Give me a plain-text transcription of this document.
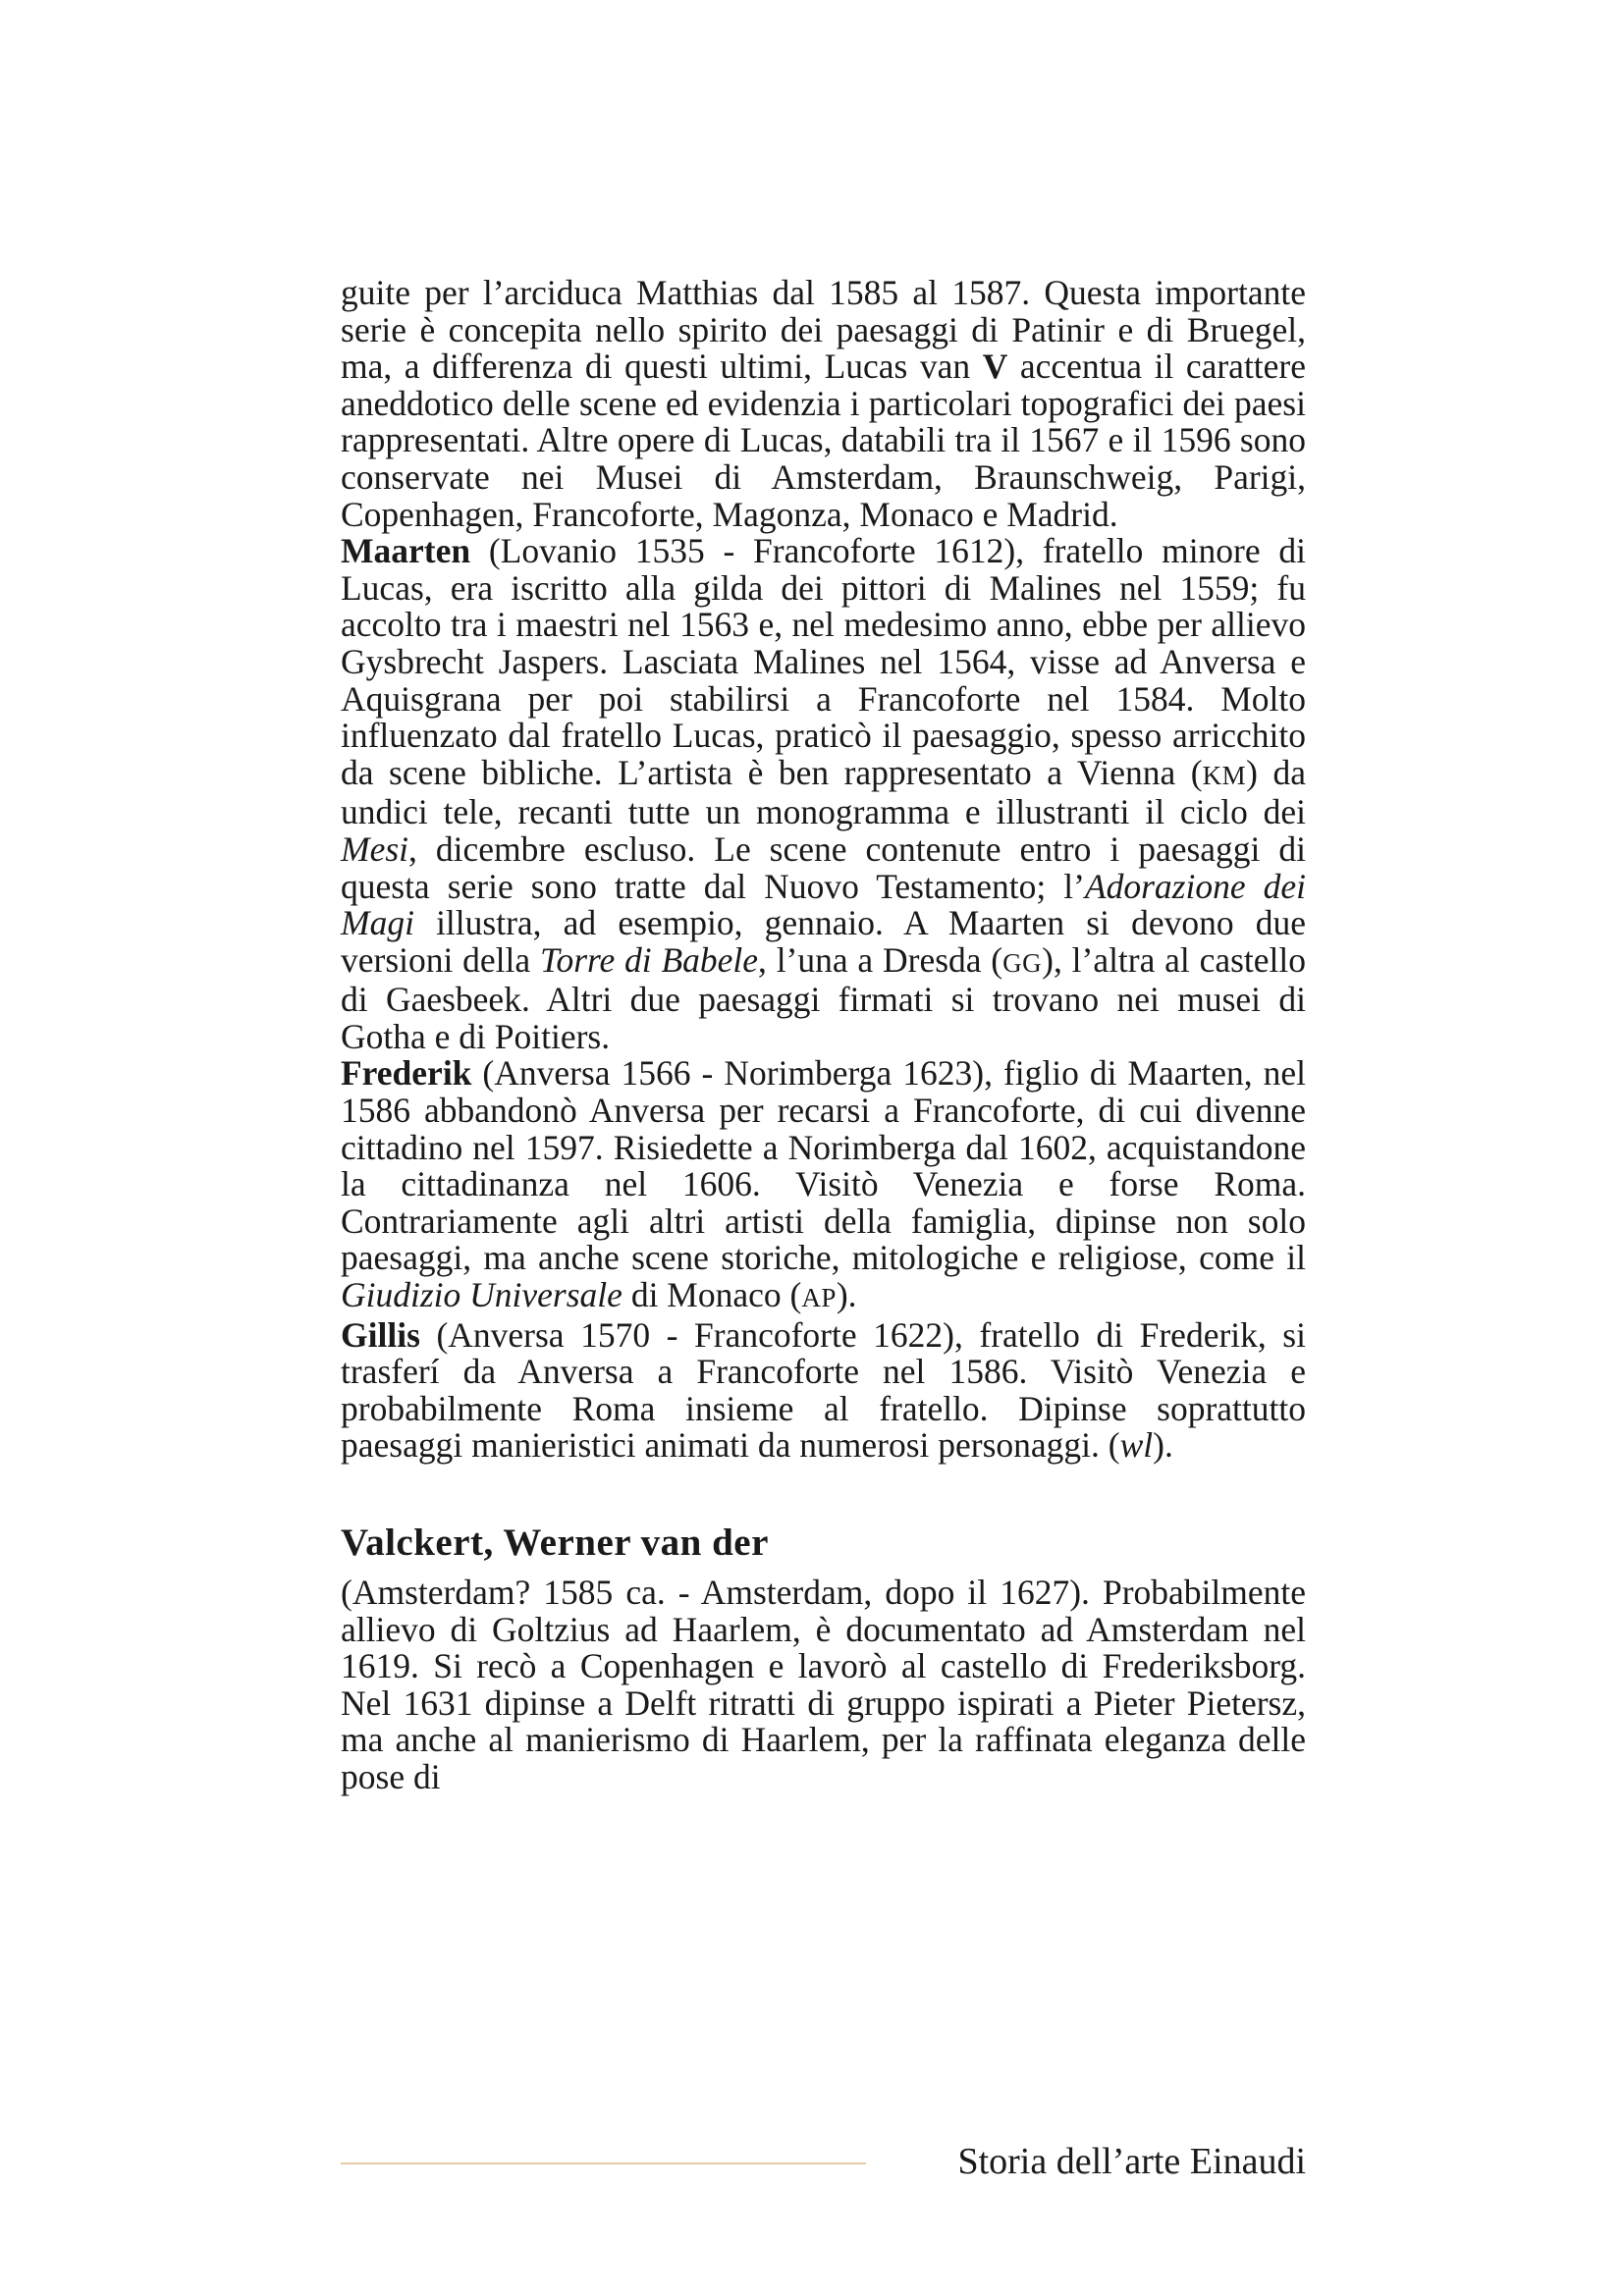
guite per l’arciduca Matthias dal 1585 al 1587. Questa importante serie è concepita nello spirito dei paesaggi di Patinir e di Bruegel, ma, a differenza di questi ultimi, Lucas van V accentua il carattere aneddotico delle scene ed evidenzia i particolari topografici dei paesi rappresentati. Altre opere di Lucas, databili tra il 1567 e il 1596 sono conservate nei Musei di Amsterdam, Braunschweig, Parigi, Copenhagen, Francoforte, Magonza, Monaco e Madrid.

Maarten (Lovanio 1535 - Francoforte 1612), fratello minore di Lucas, era iscritto alla gilda dei pittori di Malines nel 1559; fu accolto tra i maestri nel 1563 e, nel medesimo anno, ebbe per allievo Gysbrecht Jaspers. Lasciata Malines nel 1564, visse ad Anversa e Aquisgrana per poi stabilirsi a Francoforte nel 1584. Molto influenzato dal fratello Lucas, praticò il paesaggio, spesso arricchito da scene bibliche. L’artista è ben rappresentato a Vienna (KM) da undici tele, recanti tutte un monogramma e illustranti il ciclo dei Mesi, dicembre escluso. Le scene contenute entro i paesaggi di questa serie sono tratte dal Nuovo Testamento; l’Adorazione dei Magi illustra, ad esempio, gennaio. A Maarten si devono due versioni della Torre di Babele, l’una a Dresda (GG), l’altra al castello di Gaesbeek. Altri due paesaggi firmati si trovano nei musei di Gotha e di Poitiers.

Frederik (Anversa 1566 - Norimberga 1623), figlio di Maarten, nel 1586 abbandonò Anversa per recarsi a Francoforte, di cui divenne cittadino nel 1597. Risiedette a Norimberga dal 1602, acquistandone la cittadinanza nel 1606. Visitò Venezia e forse Roma. Contrariamente agli altri artisti della famiglia, dipinse non solo paesaggi, ma anche scene storiche, mitologiche e religiose, come il Giudizio Universale di Monaco (AP).

Gillis (Anversa 1570 - Francoforte 1622), fratello di Frederik, si trasferí da Anversa a Francoforte nel 1586. Visitò Venezia e probabilmente Roma insieme al fratello. Dipinse soprattutto paesaggi manieristici animati da numerosi personaggi. (wl).

Valckert, Werner van der

(Amsterdam? 1585 ca. - Amsterdam, dopo il 1627). Probabilmente allievo di Goltzius ad Haarlem, è documentato ad Amsterdam nel 1619. Si recò a Copenhagen e lavorò al castello di Frederiksborg. Nel 1631 dipinse a Delft ritratti di gruppo ispirati a Pieter Pietersz, ma anche al manierismo di Haarlem, per la raffinata eleganza delle pose di

Storia dell’arte Einaudi
